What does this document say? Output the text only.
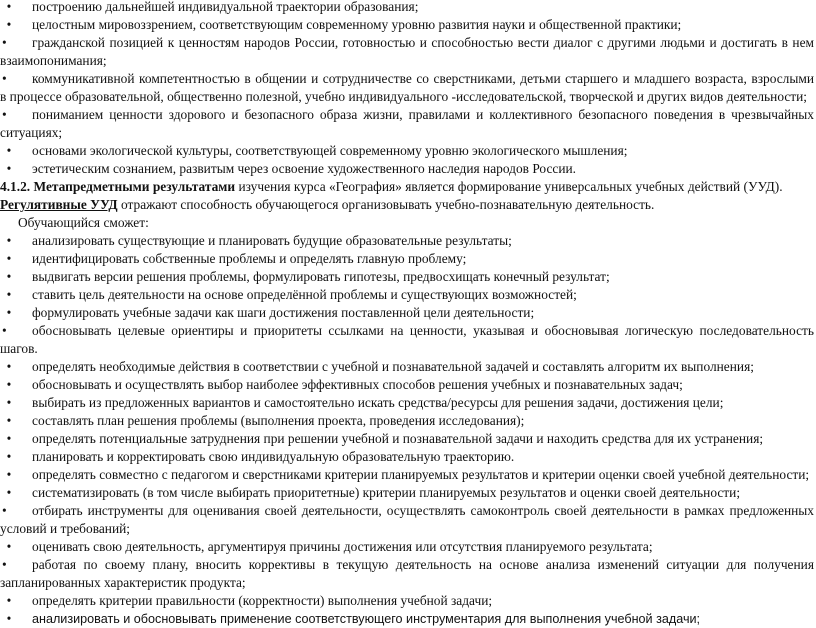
•	построению дальнейшей индивидуальной траектории образования;
•	целостным мировоззрением, соответствующим современному уровню развития науки и общественной практики;
•	гражданской позицией к ценностям народов России, готовностью и способностью вести диалог с другими людьми и достигать в нем
взаимопонимания;
•	коммуникативной компетентностью в общении и сотрудничестве со сверстниками, детьми старшего и младшего возраста, взрослыми
в процессе образовательной, общественно полезной, учебно индивидуального -исследовательской, творческой и других видов деятельности;
•	пониманием ценности здорового и безопасного образа жизни, правилами и коллективного безопасного поведения в чрезвычайных
ситуациях;
•	основами экологической культуры, соответствующей современному уровню экологического мышления;
•	эстетическим сознанием, развитым через освоение художественного наследия народов России.
4.1.2. Метапредметными результатами изучения курса «География» является формирование универсальных учебных действий (УУД).
Регулятивные УУД отражают способность обучающегося организовывать учебно-познавательную деятельность.
Обучающийся сможет:
•	анализировать существующие и планировать будущие образовательные результаты;
•	идентифицировать собственные проблемы и определять главную проблему;
•	выдвигать версии решения проблемы, формулировать гипотезы, предвосхищать конечный результат;
•	ставить цель деятельности на основе определённой проблемы и существующих возможностей;
•	формулировать учебные задачи как шаги достижения поставленной цели деятельности;
•	обосновывать целевые ориентиры и приоритеты ссылками на ценности, указывая и обосновывая логическую последовательность
шагов.
•	определять необходимые действия в соответствии с учебной и познавательной задачей и составлять алгоритм их выполнения;
•	обосновывать и осуществлять выбор наиболее эффективных способов решения учебных и познавательных задач;
•	выбирать из предложенных вариантов и самостоятельно искать средства/ресурсы для решения задачи, достижения цели;
•	составлять план решения проблемы (выполнения проекта, проведения исследования);
•	определять потенциальные затруднения при решении учебной и познавательной задачи и находить средства для их устранения;
•	планировать и корректировать свою индивидуальную образовательную траекторию.
•	определять совместно с педагогом и сверстниками критерии планируемых результатов и критерии оценки своей учебной деятельности;
•	систематизировать (в том числе выбирать приоритетные) критерии планируемых результатов и оценки своей деятельности;
•	отбирать инструменты для оценивания своей деятельности, осуществлять самоконтроль своей деятельности в рамках предложенных
условий и требований;
•	оценивать свою деятельность, аргументируя причины достижения или отсутствия планируемого результата;
•	работая по своему плану, вносить коррективы в текущую деятельность на основе анализа изменений ситуации для получения
запланированных характеристик продукта;
•	определять критерии правильности (корректности) выполнения учебной задачи;
•	анализировать и обосновывать применение соответствующего инструментария для выполнения учебной задачи;
